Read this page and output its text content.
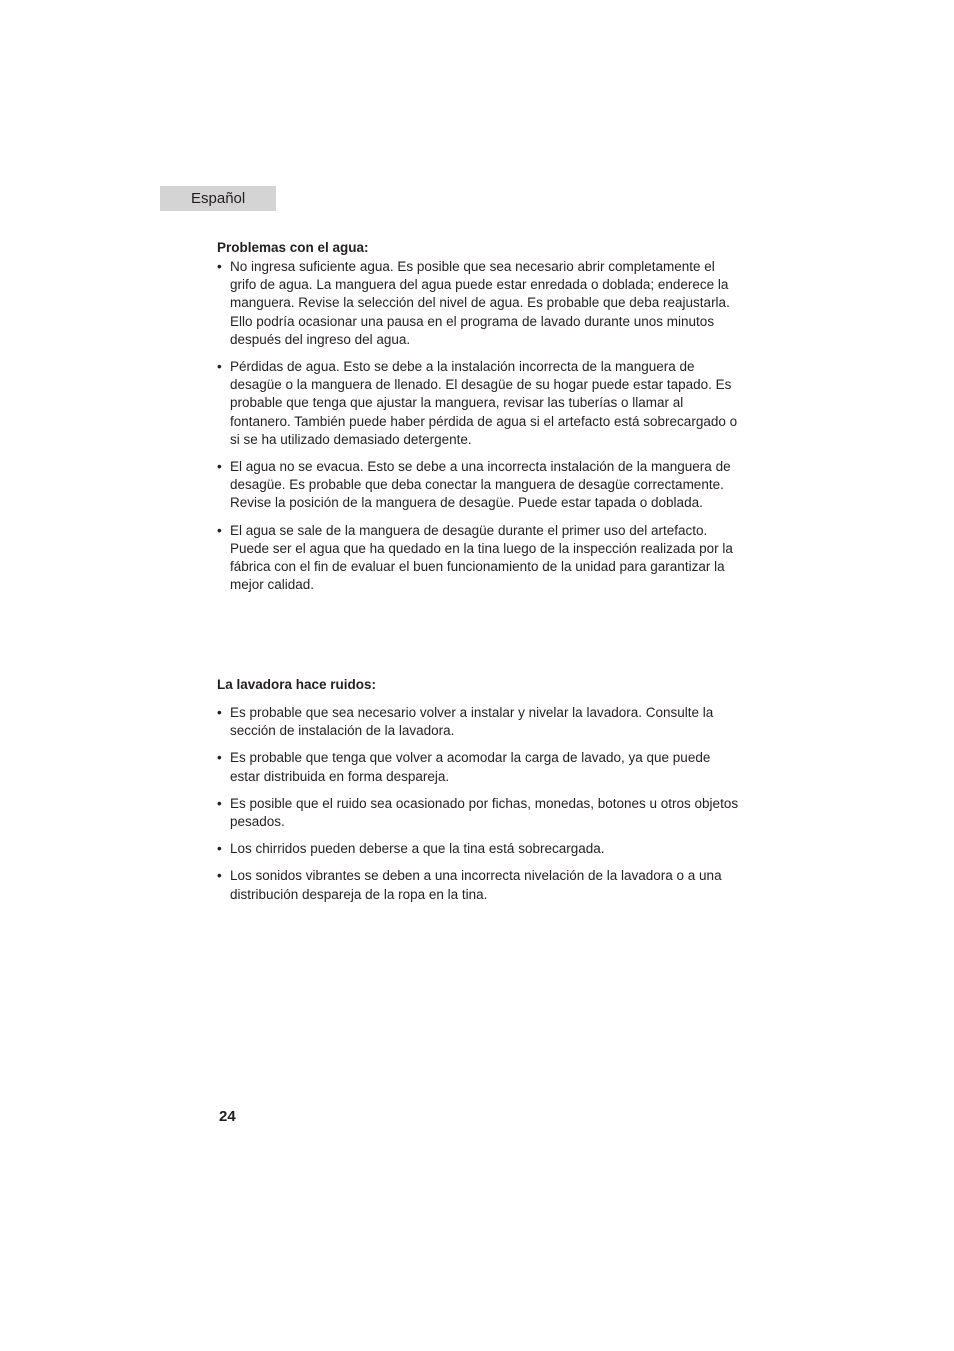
Español
Problemas con el agua:
• No ingresa suficiente agua. Es posible que sea necesario abrir completamente el grifo de agua. La manguera del agua puede estar enredada o doblada; enderece la manguera. Revise la selección del nivel de agua. Es probable que deba reajustarla. Ello podría ocasionar una pausa en el programa de lavado durante unos minutos después del ingreso del agua.
• Pérdidas de agua. Esto se debe a la instalación incorrecta de la manguera de desagüe o la manguera de llenado. El desagüe de su hogar puede estar tapado. Es probable que tenga que ajustar la manguera, revisar las tuberías o llamar al fontanero. También puede haber pérdida de agua si el artefacto está sobrecargado o si se ha utilizado demasiado detergente.
• El agua no se evacua. Esto se debe a una incorrecta instalación de la manguera de desagüe. Es probable que deba conectar la manguera de desagüe correctamente. Revise la posición de la manguera de desagüe. Puede estar tapada o doblada.
• El agua se sale de la manguera de desagüe durante el primer uso del artefacto. Puede ser el agua que ha quedado en la tina luego de la inspección realizada por la fábrica con el fin de evaluar el buen funcionamiento de la unidad para garantizar la mejor calidad.
La lavadora hace ruidos:
• Es probable que sea necesario volver a instalar y nivelar la lavadora. Consulte la sección de instalación de la lavadora.
• Es probable que tenga que volver a acomodar la carga de lavado, ya que puede estar distribuida en forma despareja.
• Es posible que el ruido sea ocasionado por fichas, monedas, botones u otros objetos pesados.
• Los chirridos pueden deberse a que la tina está sobrecargada.
• Los sonidos vibrantes se deben a una incorrecta nivelación de la lavadora o a una distribución despareja de la ropa en la tina.
24
